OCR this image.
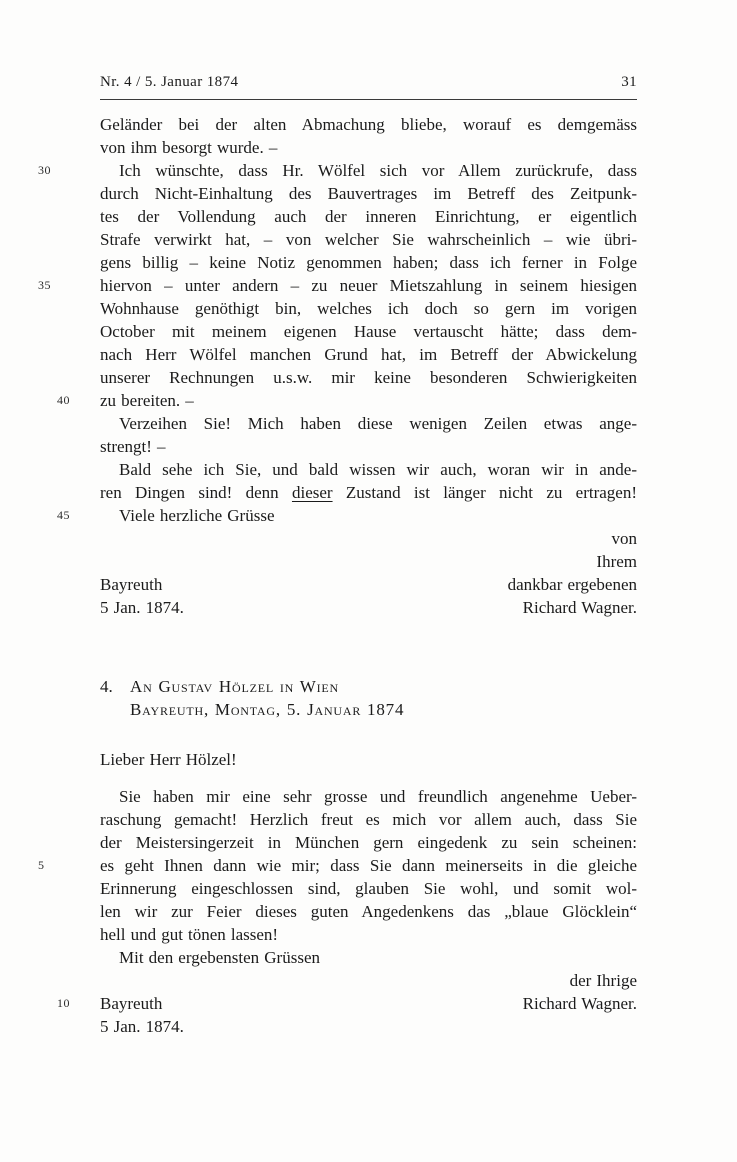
Nr. 4 / 5. Januar 1874	31
Geländer bei der alten Abmachung bliebe, worauf es demgemäss
von ihm besorgt wurde. –
30	Ich wünschte, dass Hr. Wölfel sich vor Allem zurückrufe, dass
durch Nicht-Einhaltung des Bauvertrages im Betreff des Zeitpunk-
tes der Vollendung auch der inneren Einrichtung, er eigentlich
Strafe verwirkt hat, – von welcher Sie wahrscheinlich – wie übri-
gens billig – keine Notiz genommen haben; dass ich ferner in Folge
35	hiervon – unter andern – zu neuer Mietszahlung in seinem hiesigen
Wohnhause genöthigt bin, welches ich doch so gern im vorigen
October mit meinem eigenen Hause vertauscht hätte; dass dem-
nach Herr Wölfel manchen Grund hat, im Betreff der Abwickelung
unserer Rechnungen u.s.w. mir keine besonderen Schwierigkeiten
40 zu bereiten. –
Verzeihen Sie! Mich haben diese wenigen Zeilen etwas ange-
strengt! –
Bald sehe ich Sie, und bald wissen wir auch, woran wir in ande-
ren Dingen sind! denn dieser Zustand ist länger nicht zu ertragen!
45	Viele herzliche Grüsse
von
Ihrem
Bayreuth	dankbar ergebenen
5 Jan. 1874.	Richard Wagner.
4.	An Gustav Hölzel in Wien
Bayreuth, Montag, 5. Januar 1874
Lieber Herr Hölzel!
Sie haben mir eine sehr grosse und freundlich angenehme Ueber-
raschung gemacht! Herzlich freut es mich vor allem auch, dass Sie
der Meistersingerzeit in München gern eingedenk zu sein scheinen:
5	es geht Ihnen dann wie mir; dass Sie dann meinerseits in die gleiche
Erinnerung eingeschlossen sind, glauben Sie wohl, und somit wol-
len wir zur Feier dieses guten Angedenkens das „blaue Glöcklein“
hell und gut tönen lassen!
Mit den ergebensten Grüssen
der Ihrige
10 Bayreuth	Richard Wagner.
5 Jan. 1874.
